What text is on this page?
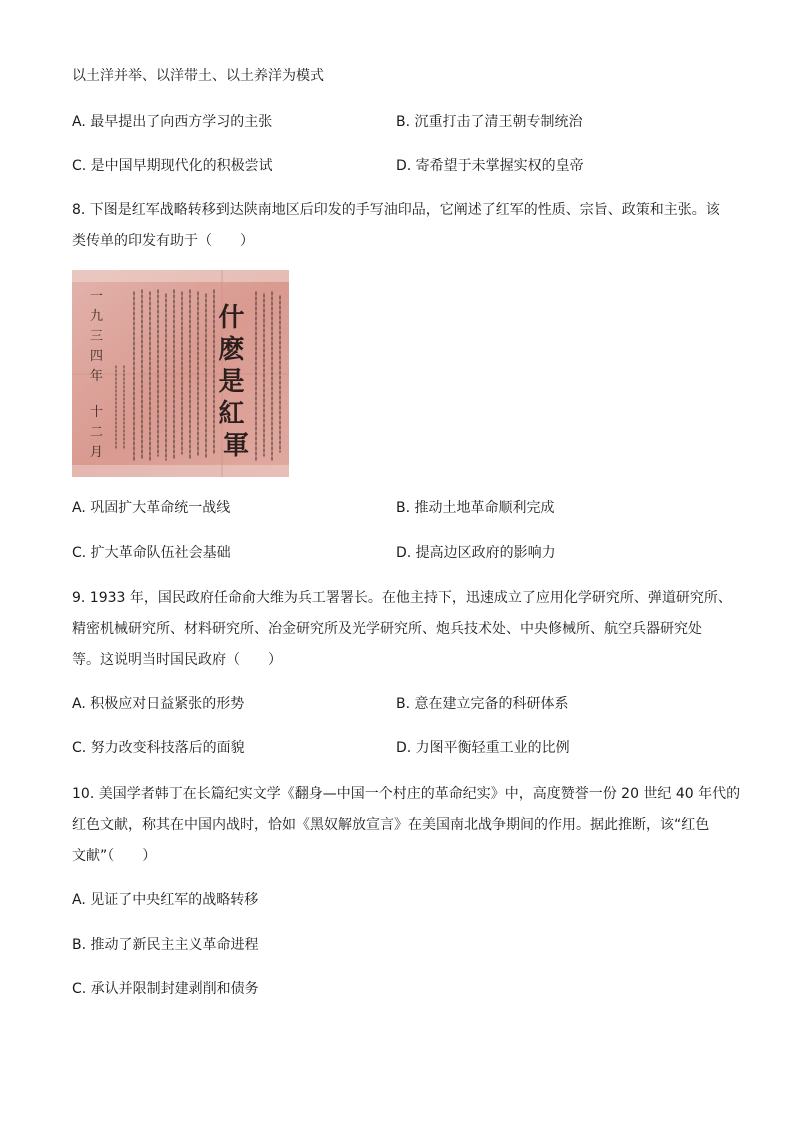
以土洋并举、以洋带土、以土养洋为模式
A. 最早提出了向西方学习的主张	B. 沉重打击了清王朝专制统治
C. 是中国早期现代化的积极尝试	D. 寄希望于未掌握实权的皇帝
8. 下图是红军战略转移到达陕南地区后印发的手写油印品，它阐述了红军的性质、宗旨、政策和主张。该
类传单的印发有助于（　　）
一 九 三 四 年 十 二 月
什 麽 是 紅 軍
A. 巩固扩大革命统一战线	B. 推动土地革命顺利完成
C. 扩大革命队伍社会基础	D. 提高边区政府的影响力
9. 1933 年，国民政府任命俞大维为兵工署署长。在他主持下，迅速成立了应用化学研究所、弹道研究所、
精密机械研究所、材料研究所、冶金研究所及光学研究所、炮兵技术处、中央修械所、航空兵器研究处
等。这说明当时国民政府（　　）
A. 积极应对日益紧张的形势	B. 意在建立完备的科研体系
C. 努力改变科技落后的面貌	D. 力图平衡轻重工业的比例
10. 美国学者韩丁在长篇纪实文学《翻身—中国一个村庄的革命纪实》中，高度赞誉一份 20 世纪 40 年代的
红色文献，称其在中国内战时，恰如《黑奴解放宣言》在美国南北战争期间的作用。据此推断，该“红色
文献”（　　）
A. 见证了中央红军的战略转移
B. 推动了新民主主义革命进程
C. 承认并限制封建剥削和债务
